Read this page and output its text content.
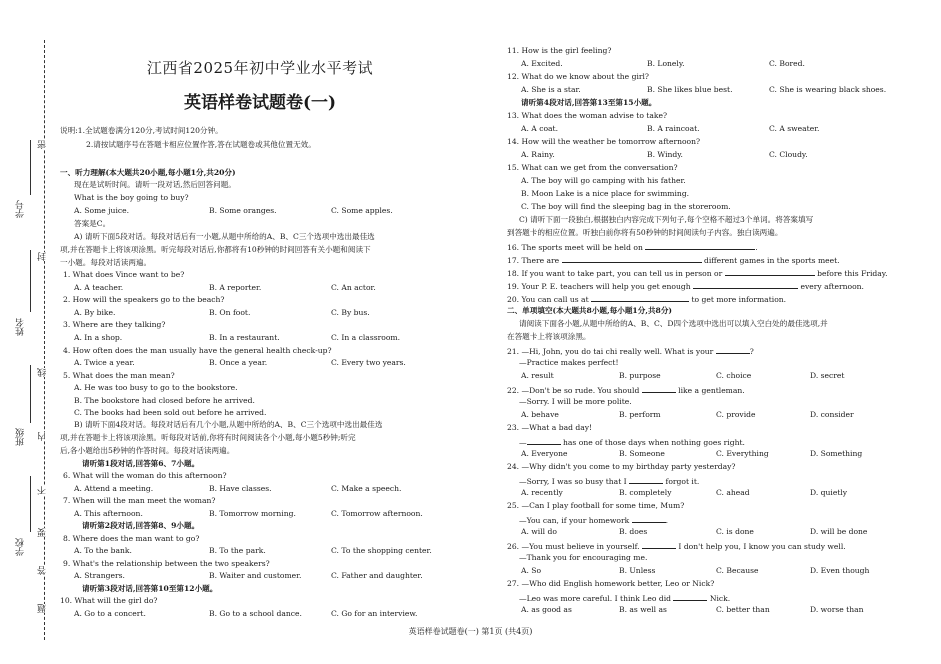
密
封
线
内
不
要
答
题
学号
姓名
班级
学校
江西省2025年初中学业水平考试
英语样卷试题卷(一)
说明:1.全试题卷满分120分,考试时间120分钟。
2.请按试题序号在答题卡相应位置作答,答在试题卷或其他位置无效。
一、听力理解(本大题共20小题,每小题1分,共20分)
现在是试听时间。请听一段对话,然后回答问题。
What is the boy going to buy?
A. Some juice.	B. Some oranges.	C. Some apples.
答案是C。
A) 请听下面5段对话。每段对话后有一小题,从题中所给的A、B、C三个选项中选出最佳选
项,并在答题卡上将该项涂黑。听完每段对话后,你都将有10秒钟的时间回答有关小题和阅读下
一小题。每段对话读两遍。
1. What does Vince want to be?
A. A teacher.	B. A reporter.	C. An actor.
2. How will the speakers go to the beach?
A. By bike.	B. On foot.	C. By bus.
3. Where are they talking?
A. In a shop.	B. In a restaurant.	C. In a classroom.
4. How often does the man usually have the general health check-up?
A. Twice a year.	B. Once a year.	C. Every two years.
5. What does the man mean?
A. He was too busy to go to the bookstore.
B. The bookstore had closed before he arrived.
C. The books had been sold out before he arrived.
B) 请听下面4段对话。每段对话后有几个小题,从题中所给的A、B、C三个选项中选出最佳选
项,并在答题卡上将该项涂黑。听每段对话前,你将有时间阅读各个小题,每小题5秒钟;听完
后,各小题给出5秒钟的作答时间。每段对话读两遍。
请听第1段对话,回答第6、7小题。
6. What will the woman do this afternoon?
A. Attend a meeting.	B. Have classes.	C. Make a speech.
7. When will the man meet the woman?
A. This afternoon.	B. Tomorrow morning.	C. Tomorrow afternoon.
请听第2段对话,回答第8、9小题。
8. Where does the man want to go?
A. To the bank.	B. To the park.	C. To the shopping center.
9. What's the relationship between the two speakers?
A. Strangers.	B. Waiter and customer.	C. Father and daughter.
请听第3段对话,回答第10至第12小题。
10. What will the girl do?
A. Go to a concert.	B. Go to a school dance.	C. Go for an interview.
11. How is the girl feeling?
A. Excited.	B. Lonely.	C. Bored.
12. What do we know about the girl?
A. She is a star.	B. She likes blue best.	C. She is wearing black shoes.
请听第4段对话,回答第13至第15小题。
13. What does the woman advise to take?
A. A coat.	B. A raincoat.	C. A sweater.
14. How will the weather be tomorrow afternoon?
A. Rainy.	B. Windy.	C. Cloudy.
15. What can we get from the conversation?
A. The boy will go camping with his father.
B. Moon Lake is a nice place for swimming.
C. The boy will find the sleeping bag in the storeroom.
C) 请听下面一段独白,根据独白内容完成下列句子,每个空格不超过3个单词。将答案填写
到答题卡的相应位置。听独白前你将有50秒钟的时间阅读句子内容。独白读两遍。
16. The sports meet will be held on	.
17. There are	different games in the sports meet.
18. If you want to take part, you can tell us in person or	before this Friday.
19. Your P. E. teachers will help you get enough	every afternoon.
20. You can call us at	to get more information.
二、单项填空(本大题共8小题,每小题1分,共8分)
请阅读下面各小题,从题中所给的A、B、C、D四个选项中选出可以填入空白处的最佳选项,并
在答题卡上将该项涂黑。
21. —Hi, John, you do tai chi really well. What is your	?
—Practice makes perfect!
A. result	B. purpose	C. choice	D. secret
22. —Don't be so rude. You should	like a gentleman.
—Sorry. I will be more polite.
A. behave	B. perform	C. provide	D. consider
23. —What a bad day!
—	has one of those days when nothing goes right.
A. Everyone	B. Someone	C. Everything	D. Something
24. —Why didn't you come to my birthday party yesterday?
—Sorry, I was so busy that I	forgot it.
A. recently	B. completely	C. ahead	D. quietly
25. —Can I play football for some time, Mum?
—You can, if your homework	.
A. will do	B. does	C. is done	D. will be done
26. —You must believe in yourself.	I don't help you, I know you can study well.
—Thank you for encouraging me.
A. So	B. Unless	C. Because	D. Even though
27. —Who did English homework better, Leo or Nick?
—Leo was more careful. I think Leo did	Nick.
A. as good as	B. as well as	C. better than	D. worse than
英语样卷试题卷(一) 第1页 (共4页)
